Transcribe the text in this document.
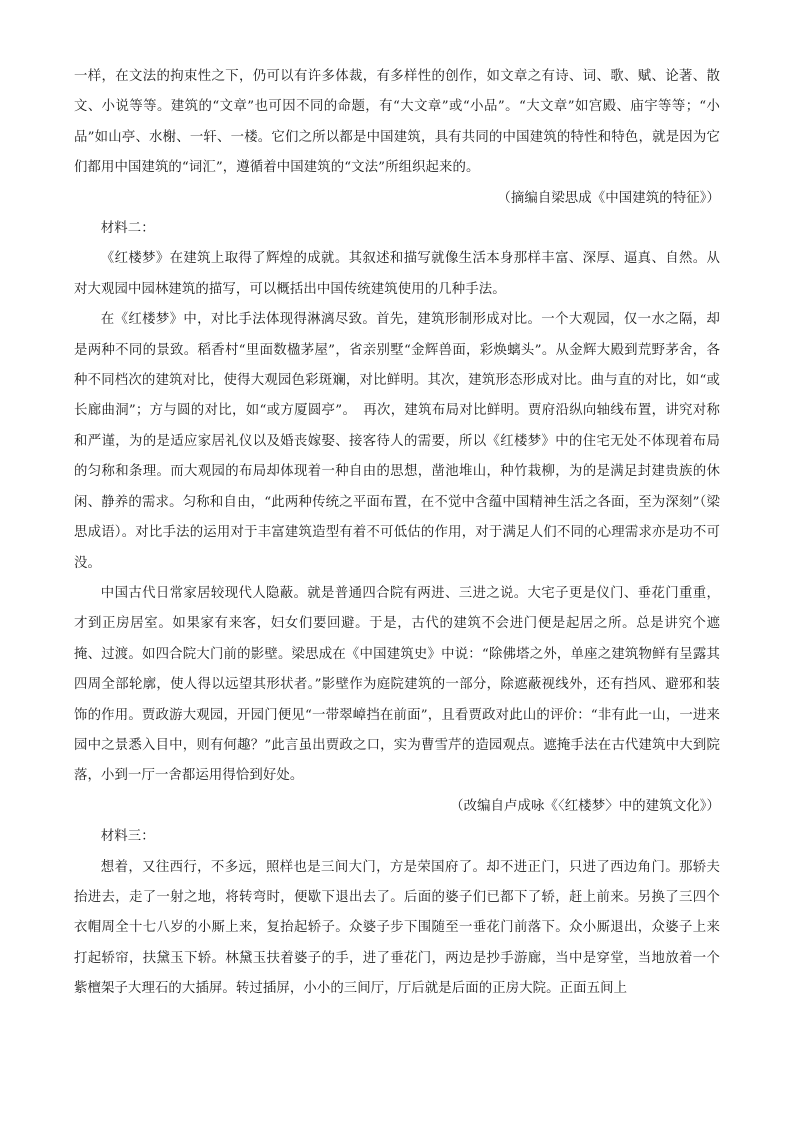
一样，在文法的拘束性之下，仍可以有许多体裁，有多样性的创作，如文章之有诗、词、歌、赋、论著、散文、小说等等。建筑的“文章”也可因不同的命题，有“大文章”或“小品”。“大文章”如宫殿、庙宇等等；“小品”如山亭、水榭、一轩、一楼。它们之所以都是中国建筑，具有共同的中国建筑的特性和特色，就是因为它们都用中国建筑的“词汇”，遵循着中国建筑的“文法”所组织起来的。

（摘编自梁思成《中国建筑的特征》）

材料二：

《红楼梦》在建筑上取得了辉煌的成就。其叙述和描写就像生活本身那样丰富、深厚、逼真、自然。从对大观园中园林建筑的描写，可以概括出中国传统建筑使用的几种手法。

在《红楼梦》中，对比手法体现得淋漓尽致。首先，建筑形制形成对比。一个大观园，仅一水之隔，却是两种不同的景致。稻香村“里面数楹茅屋”，省亲别墅“金辉兽面，彩焕螭头”。从金辉大殿到荒野茅舍，各种不同档次的建筑对比，使得大观园色彩斑斓，对比鲜明。其次，建筑形态形成对比。曲与直的对比，如“或长廊曲洞”；方与圆的对比，如“或方厦圆亭”。　再次，建筑布局对比鲜明。贾府沿纵向轴线布置，讲究对称和严谨，为的是适应家居礼仪以及婚丧嫁娶、接客待人的需要，所以《红楼梦》中的住宅无处不体现着布局的匀称和条理。而大观园的布局却体现着一种自由的思想，凿池堆山，种竹栽柳，为的是满足封建贵族的休闲、静养的需求。匀称和自由，“此两种传统之平面布置，在不觉中含蕴中国精神生活之各面，至为深刻”（梁思成语）。对比手法的运用对于丰富建筑造型有着不可低估的作用，对于满足人们不同的心理需求亦是功不可没。

中国古代日常家居较现代人隐蔽。就是普通四合院有两进、三进之说。大宅子更是仪门、垂花门重重，才到正房居室。如果家有来客，妇女们要回避。于是，古代的建筑不会进门便是起居之所。总是讲究个遮掩、过渡。如四合院大门前的影壁。梁思成在《中国建筑史》中说：“除佛塔之外，单座之建筑物鲜有呈露其四周全部轮廓，使人得以远望其形状者。”影壁作为庭院建筑的一部分，除遮蔽视线外，还有挡风、避邪和装饰的作用。贾政游大观园，开园门便见“一带翠嶂挡在前面”，且看贾政对此山的评价：“非有此一山，一进来园中之景悉入目中，则有何趣？”此言虽出贾政之口，实为曹雪芹的造园观点。遮掩手法在古代建筑中大到院落，小到一厅一舍都运用得恰到好处。

（改编自卢成咏《〈红楼梦〉中的建筑文化》）

材料三：

想着，又往西行，不多远，照样也是三间大门，方是荣国府了。却不进正门，只进了西边角门。那轿夫抬进去，走了一射之地，将转弯时，便歇下退出去了。后面的婆子们已都下了轿，赶上前来。另换了三四个衣帽周全十七八岁的小厮上来，复抬起轿子。众婆子步下围随至一垂花门前落下。众小厮退出，众婆子上来打起轿帘，扶黛玉下轿。林黛玉扶着婆子的手，进了垂花门，两边是抄手游廊，当中是穿堂，当地放着一个紫檀架子大理石的大插屏。转过插屏，小小的三间厅，厅后就是后面的正房大院。正面五间上
